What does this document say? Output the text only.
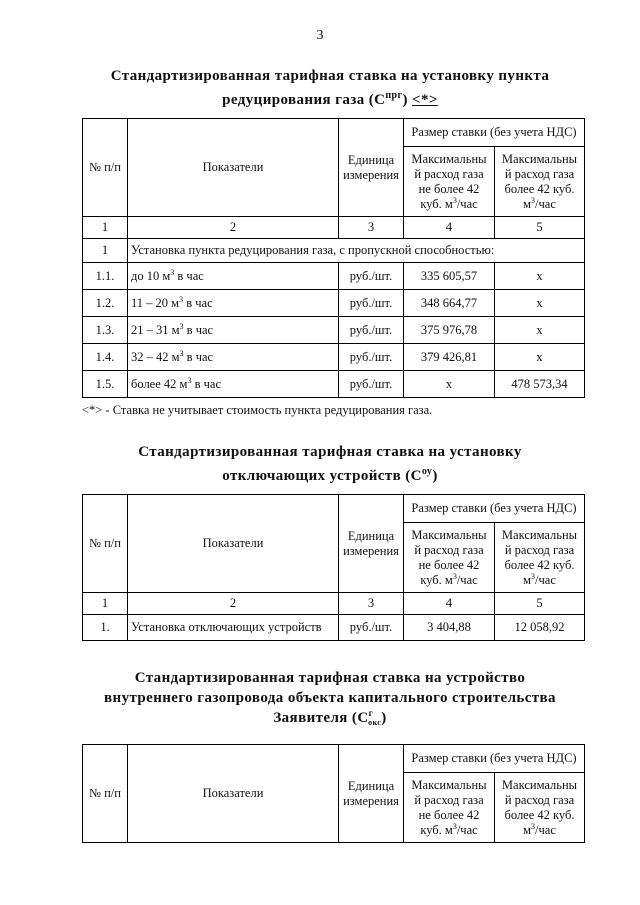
3
Стандартизированная тарифная ставка на установку пункта
редуцирования газа $(С^{прг})$ <*>
№ п/п	Показатели	Единица
измерения	Размер ставки (без учета НДС)	

			Максимальны
й расход газа
не более 42
куб. $м^3$/час	Максимальны
й расход газа
более 42 куб.
$м^3$/час

1	2	3	4	5
1	Установка пункта редуцирования газа, с пропускной способностью:			
1.1.	до 10 $м^3$ в час	руб./шт.	335 605,57	х
1.2.	11 – 20 $м^3$ в час	руб./шт.	348 664,77	х
1.3.	21 – 31 $м^3$ в час	руб./шт.	375 976,78	х
1.4.	32 – 42 $м^3$ в час	руб./шт.	379 426,81	х
1.5.	более 42 $м^3$ в час	руб./шт.	х	478 573,34
<*> - Ставка не учитывает стоимость пункта редуцирования газа.
Стандартизированная тарифная ставка на установку
отключающих устройств $(С^{оу})$
№ п/п	Показатели	Единица
измерения	Размер ставки (без учета НДС)	

			Максимальны
й расход газа
не более 42
куб. $м^3$/час	Максимальны
й расход газа
более 42 куб.
$м^3$/час

1	2	3	4	5
1.	Установка отключающих устройств	руб./шт.	3 404,88	12 058,92
Стандартизированная тарифная ставка на устройство
внутреннего газопровода объекта капитального строительства
Заявителя $(С^г_{окс})$
№ п/п	Показатели	Единица
измерения	Размер ставки (без учета НДС)	

			Максимальны
й расход газа
не более 42
куб. $м^3$/час	Максимальны
й расход газа
более 42 куб.
$м^3$/час
